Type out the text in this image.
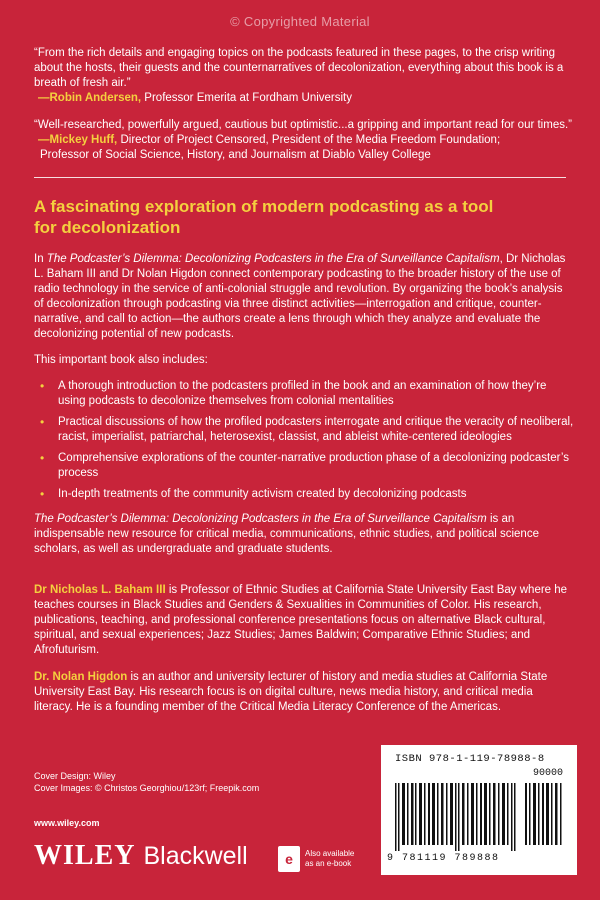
© Copyrighted Material
“From the rich details and engaging topics on the podcasts featured in these pages, to the crisp writing about the hosts, their guests and the counternarratives of decolonization, everything about this book is a breath of fresh air.”
—Robin Andersen, Professor Emerita at Fordham University
“Well-researched, powerfully argued, cautious but optimistic...a gripping and important read for our times.”
—Mickey Huff, Director of Project Censored, President of the Media Freedom Foundation;
Professor of Social Science, History, and Journalism at Diablo Valley College
A fascinating exploration of modern podcasting as a tool for decolonization

In The Podcaster’s Dilemma: Decolonizing Podcasters in the Era of Surveillance Capitalism, Dr Nicholas L. Baham III and Dr Nolan Higdon connect contemporary podcasting to the broader history of the use of radio technology in the service of anti-colonial struggle and revolution. By organizing the book’s analysis of decolonization through podcasting via three distinct activities—interrogation and critique, counter-narrative, and call to action—the authors create a lens through which they analyze and evaluate the decolonizing potential of new podcasts.

This important book also includes:

• A thorough introduction to the podcasters profiled in the book and an examination of how they’re using podcasts to decolonize themselves from colonial mentalities
• Practical discussions of how the profiled podcasters interrogate and critique the veracity of neoliberal, racist, imperialist, patriarchal, heterosexist, classist, and ableist white-centered ideologies
• Comprehensive explorations of the counter-narrative production phase of a decolonizing podcaster’s process
• In-depth treatments of the community activism created by decolonizing podcasts

The Podcaster’s Dilemma: Decolonizing Podcasters in the Era of Surveillance Capitalism is an indispensable new resource for critical media, communications, ethnic studies, and political science scholars, as well as undergraduate and graduate students.

Dr Nicholas L. Baham III is Professor of Ethnic Studies at California State University East Bay where he teaches courses in Black Studies and Genders & Sexualities in Communities of Color. His research, publications, teaching, and professional conference presentations focus on alternative Black cultural, spiritual, and sexual experiences; Jazz Studies; James Baldwin; Comparative Ethnic Studies; and Afrofuturism.

Dr. Nolan Higdon is an author and university lecturer of history and media studies at California State University East Bay. His research focus is on digital culture, news media history, and critical media literacy. He is a founding member of the Critical Media Literacy Conference of the Americas.

Cover Design: Wiley
Cover Images: © Christos Georghiou/123rf; Freepik.com
www.wiley.com
WILEY Blackwell	e	Also available
as an e-book
ISBN 978-1-119-78988-8
90000
9 781119 789888
